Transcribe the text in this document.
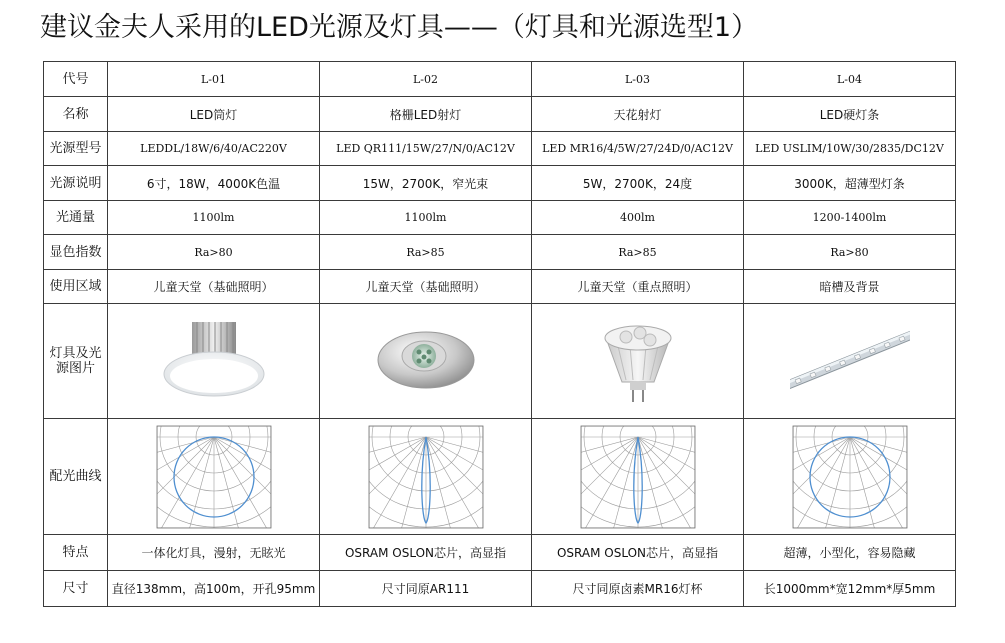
建议金夫人采用的LED光源及灯具——（灯具和光源选型1）
代号	L-01	L-02	L-03	L-04
名称	LED筒灯	格栅LED射灯	天花射灯	LED硬灯条
光源型号	LEDDL/18W/6/40/AC220V	LED QR111/15W/27/N/0/AC12V	LED MR16/4/5W/27/24D/0/AC12V	LED USLIM/10W/30/2835/DC12V
光源说明	6寸，18W，4000K色温	15W，2700K，窄光束	5W，2700K，24度	3000K，超薄型灯条
光通量	1100lm	1100lm	400lm	1200-1400lm
显色指数	Ra>80	Ra>85	Ra>85	Ra>80
使用区域	儿童天堂（基础照明）	儿童天堂（基础照明）	儿童天堂（重点照明）	暗槽及背景
灯具及光源图片	

配光曲线	

特点	一体化灯具，漫射，无眩光	OSRAM OSLON芯片，高显指	OSRAM OSLON芯片，高显指	超薄，小型化，容易隐藏
尺寸	直径138mm，高100m，开孔95mm	尺寸同原AR111	尺寸同原卤素MR16灯杯	长1000mm*宽12mm*厚5mm
